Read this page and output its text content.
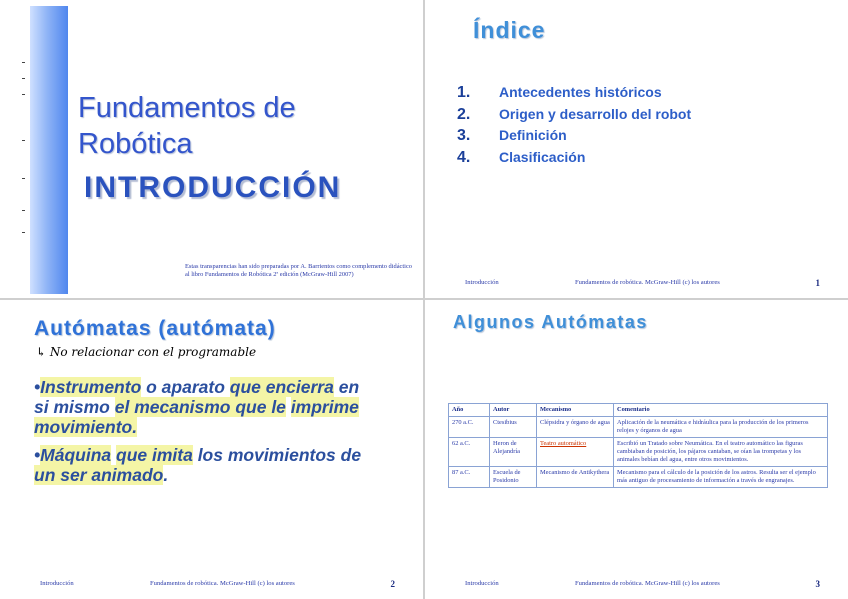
Fundamentos de
Robótica
INTRODUCCIÓN

Estas transparencias han sido preparadas por A. Barrientos como complemento didáctico al libro Fundamentos de Robótica 2ª edición (McGraw-Hill 2007)

Índice
1. Antecedentes históricos
2. Origen y desarrollo del robot
3. Definición
4. Clasificación
Introducción	Fundamentos de robótica. McGraw-Hill (c) los autores	1
Autómatas (autómata)

↳ No relacionar con el programable

•Instrumento o aparato que encierra en si mismo el mecanismo que le imprime movimiento.

•Máquina que imita los movimientos de un ser animado.

Introducción	Fundamentos de robótica. McGraw-Hill (c) los autores	2
Algunos Autómatas
Año	Autor	Mecanismo	Comentario
270 a.C.	Ctesibius	Clépsidra y órgano de agua	Aplicación de la neumática e hidráulica para la producción de los primeros relojes y órganos de agua
62 a.C.	Heron de Alejandría	Teatro automático	Escribió un Tratado sobre Neumática. En el teatro automático las figuras cambiaban de posición, los pájaros cantaban, se oían las trompetas y los animales bebían del agua, entre otros movimientos.
87 a.C.	Escuela de Posidonio	Mecanismo de Antikythera	Mecanismo para el cálculo de la posición de los astros. Resulta ser el ejemplo más antiguo de procesamiento de información a través de engranajes.
Introducción	Fundamentos de robótica. McGraw-Hill (c) los autores	3
